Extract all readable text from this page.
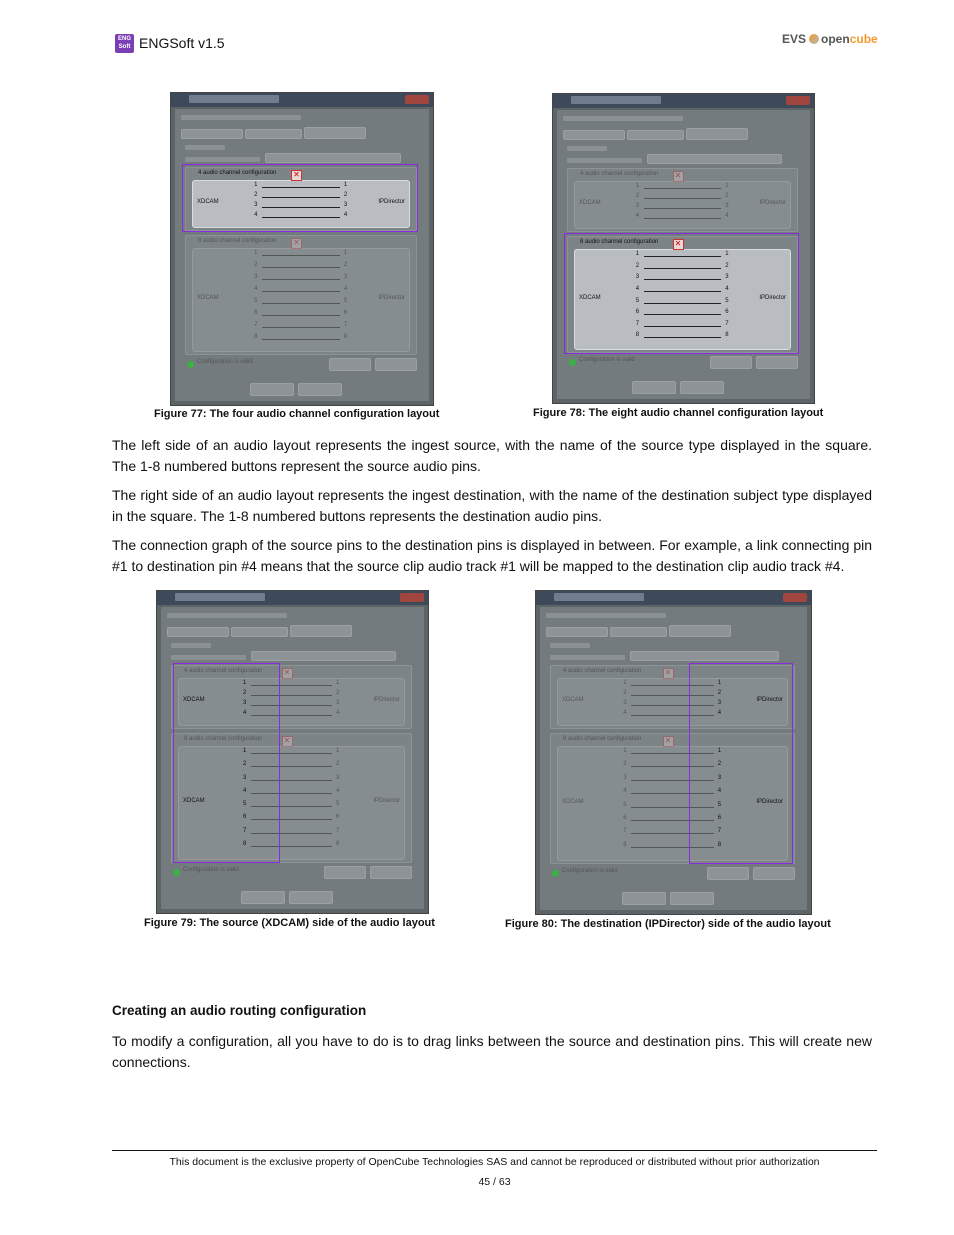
ENG
Soft ENGSoft v1.5	EVS opencube
4 audio channel configuration
XDCAM	IPDirector
1	1
2	2
3	3
4	4
✕
8 audio channel configuration
XDCAM	IPDirector
1	1
2	2
3	3
4	4
5	5
6	6
7	7
8	8
✕
Configuration is valid
Figure 77: The four audio channel configuration layout
4 audio channel configuration
XDCAM	IPDirector
1	1
2	2
3	3
4	4
✕
8 audio channel configuration
XDCAM	IPDirector
1	1
2	2
3	3
4	4
5	5
6	6
7	7
8	8
✕
Configuration is valid
Figure 78: The eight audio channel configuration layout
4 audio channel configuration
XDCAM	IPDirector
1	1
2	2
3	3
4	4
✕
8 audio channel configuration
XDCAM	IPDirector
1	1
2	2
3	3
4	4
5	5
6	6
7	7
8	8
✕
Configuration is valid
Figure 79: The source (XDCAM) side of the audio layout
4 audio channel configuration
XDCAM	IPDirector
1	1
2	2
3	3
4	4
✕
8 audio channel configuration
XDCAM	IPDirector
1	1
2	2
3	3
4	4
5	5
6	6
7	7
8	8
✕
Configuration is valid
Figure 80: The destination (IPDirector) side of the audio layout
The left side of an audio layout represents the ingest source, with the name of the source type displayed in the square. The 1-8 numbered buttons represent the source audio pins.
The right side of an audio layout represents the ingest destination, with the name of the destination subject type displayed in the square. The 1-8 numbered buttons represents the destination audio pins.
The connection graph of the source pins to the destination pins is displayed in between. For example, a link connecting pin #1 to destination pin #4 means that the source clip audio track #1 will be mapped to the destination clip audio track #4.
Creating an audio routing configuration
To modify a configuration, all you have to do is to drag links between the source and destination pins. This will create new connections.
This document is the exclusive property of OpenCube Technologies SAS and cannot be reproduced or distributed without prior authorization
45 / 63
